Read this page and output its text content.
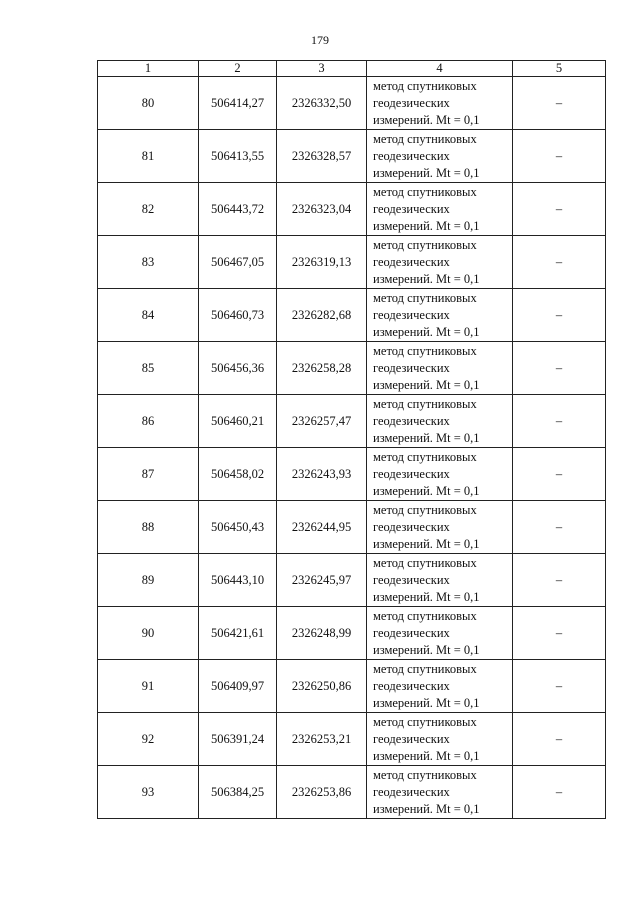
179
1	2	3	4	5
80	506414,27	2326332,50	метод спутниковых
геодезических
измерений. Mt = 0,1	–
81	506413,55	2326328,57	метод спутниковых
геодезических
измерений. Mt = 0,1	–
82	506443,72	2326323,04	метод спутниковых
геодезических
измерений. Mt = 0,1	–
83	506467,05	2326319,13	метод спутниковых
геодезических
измерений. Mt = 0,1	–
84	506460,73	2326282,68	метод спутниковых
геодезических
измерений. Mt = 0,1	–
85	506456,36	2326258,28	метод спутниковых
геодезических
измерений. Mt = 0,1	–
86	506460,21	2326257,47	метод спутниковых
геодезических
измерений. Mt = 0,1	–
87	506458,02	2326243,93	метод спутниковых
геодезических
измерений. Mt = 0,1	–
88	506450,43	2326244,95	метод спутниковых
геодезических
измерений. Mt = 0,1	–
89	506443,10	2326245,97	метод спутниковых
геодезических
измерений. Mt = 0,1	–
90	506421,61	2326248,99	метод спутниковых
геодезических
измерений. Mt = 0,1	–
91	506409,97	2326250,86	метод спутниковых
геодезических
измерений. Mt = 0,1	–
92	506391,24	2326253,21	метод спутниковых
геодезических
измерений. Mt = 0,1	–
93	506384,25	2326253,86	метод спутниковых
геодезических
измерений. Mt = 0,1	–
